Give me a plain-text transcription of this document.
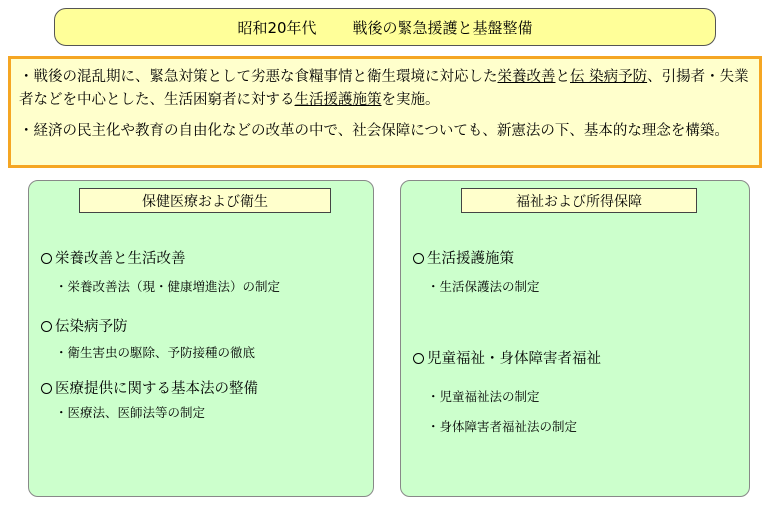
昭和20年代 戦後の緊急援護と基盤整備

・戦後の混乱期に、緊急対策として劣悪な食糧事情と衛生環境に対応した栄養改善と伝 染病予防、引揚者・失業者などを中心とした、生活困窮者に対する生活援護施策を実施。

・経済の民主化や教育の自由化などの改革の中で、社会保障についても、新憲法の下、基本的な理念を構築。

保健医療および衛生
栄養改善と生活改善
・栄養改善法（現・健康増進法）の制定
伝染病予防
・衛生害虫の駆除、予防接種の徹底
医療提供に関する基本法の整備
・医療法、医師法等の制定
福祉および所得保障
生活援護施策
・生活保護法の制定
児童福祉・身体障害者福祉
・児童福祉法の制定
・身体障害者福祉法の制定
